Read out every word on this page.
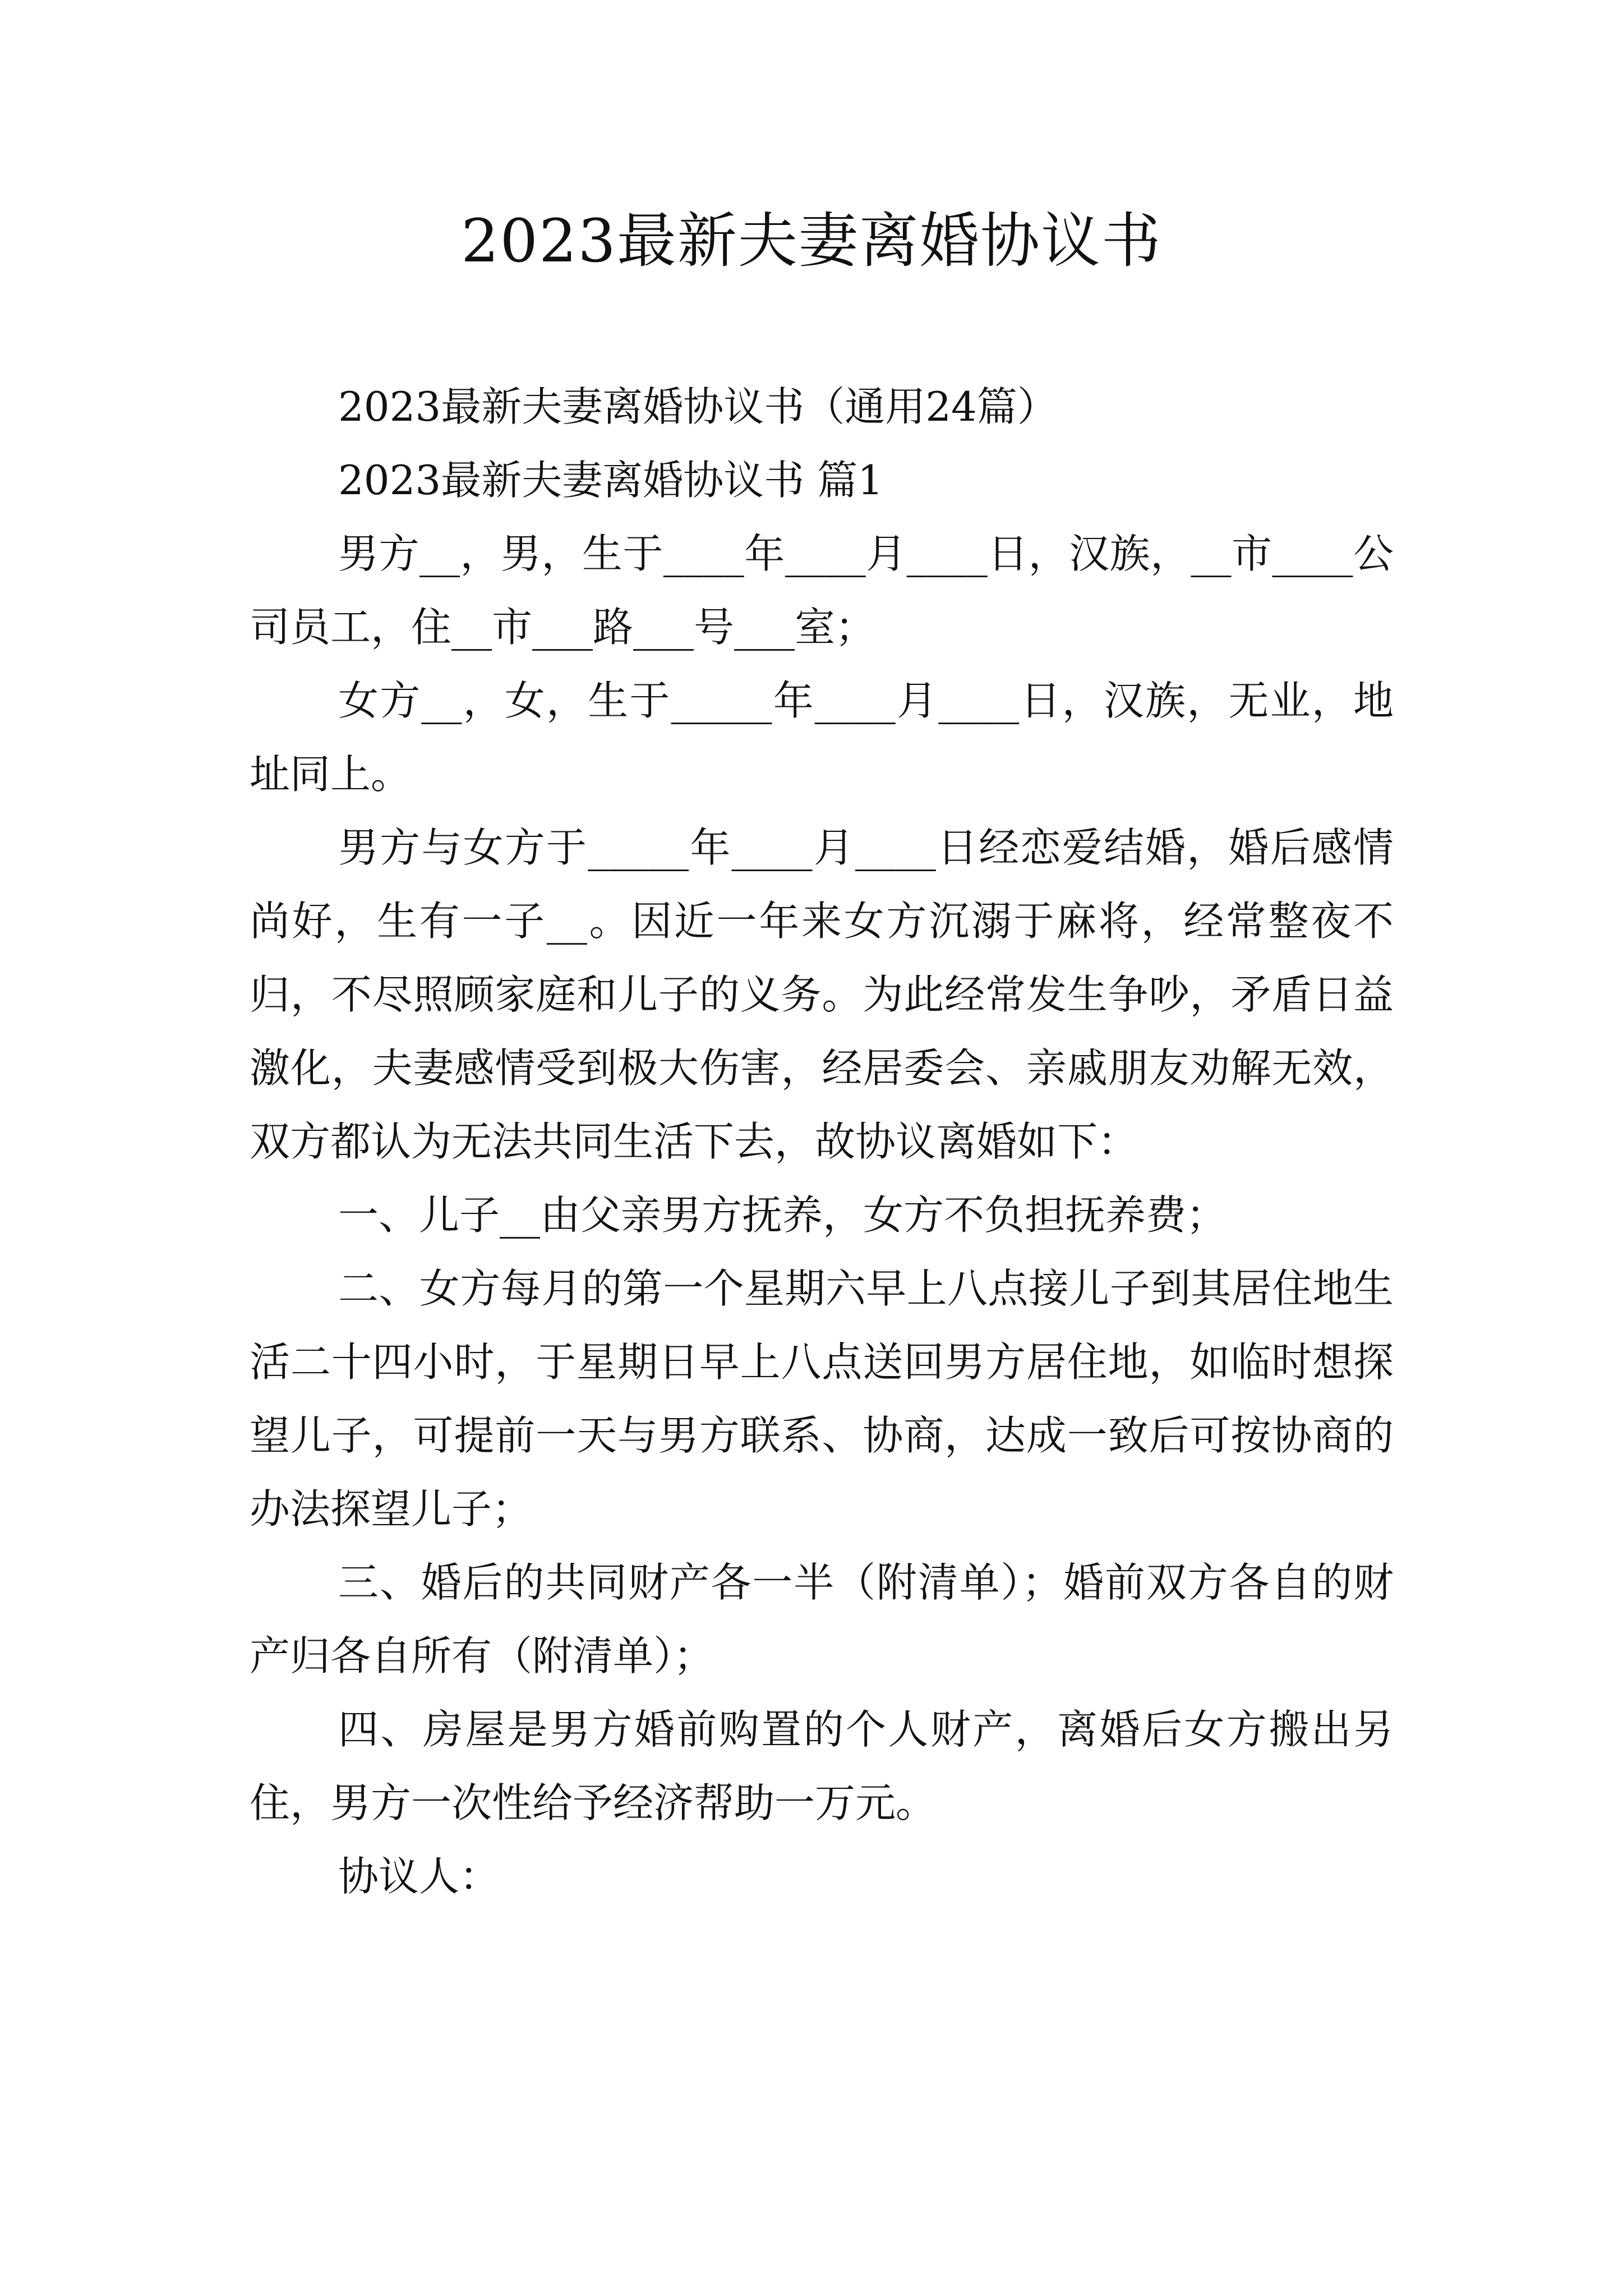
2023最新夫妻离婚协议书

2023最新夫妻离婚协议书（通用24篇）

2023最新夫妻离婚协议书 篇1

男方__，男，生于____年____月____日，汉族，__市____公司员工，住__市___路___号___室；

女方__，女，生于_____年____月____日，汉族，无业，地址同上。

男方与女方于_____年____月____日经恋爱结婚，婚后感情尚好，生有一子__。因近一年来女方沉溺于麻将，经常整夜不归，不尽照顾家庭和儿子的义务。为此经常发生争吵，矛盾日益激化，夫妻感情受到极大伤害，经居委会、亲戚朋友劝解无效，双方都认为无法共同生活下去，故协议离婚如下：

一、儿子__由父亲男方抚养，女方不负担抚养费；

二、女方每月的第一个星期六早上八点接儿子到其居住地生活二十四小时，于星期日早上八点送回男方居住地，如临时想探望儿子，可提前一天与男方联系、协商，达成一致后可按协商的办法探望儿子；

三、婚后的共同财产各一半（附清单）；婚前双方各自的财产归各自所有（附清单）；

四、房屋是男方婚前购置的个人财产，离婚后女方搬出另住，男方一次性给予经济帮助一万元。

协议人：
